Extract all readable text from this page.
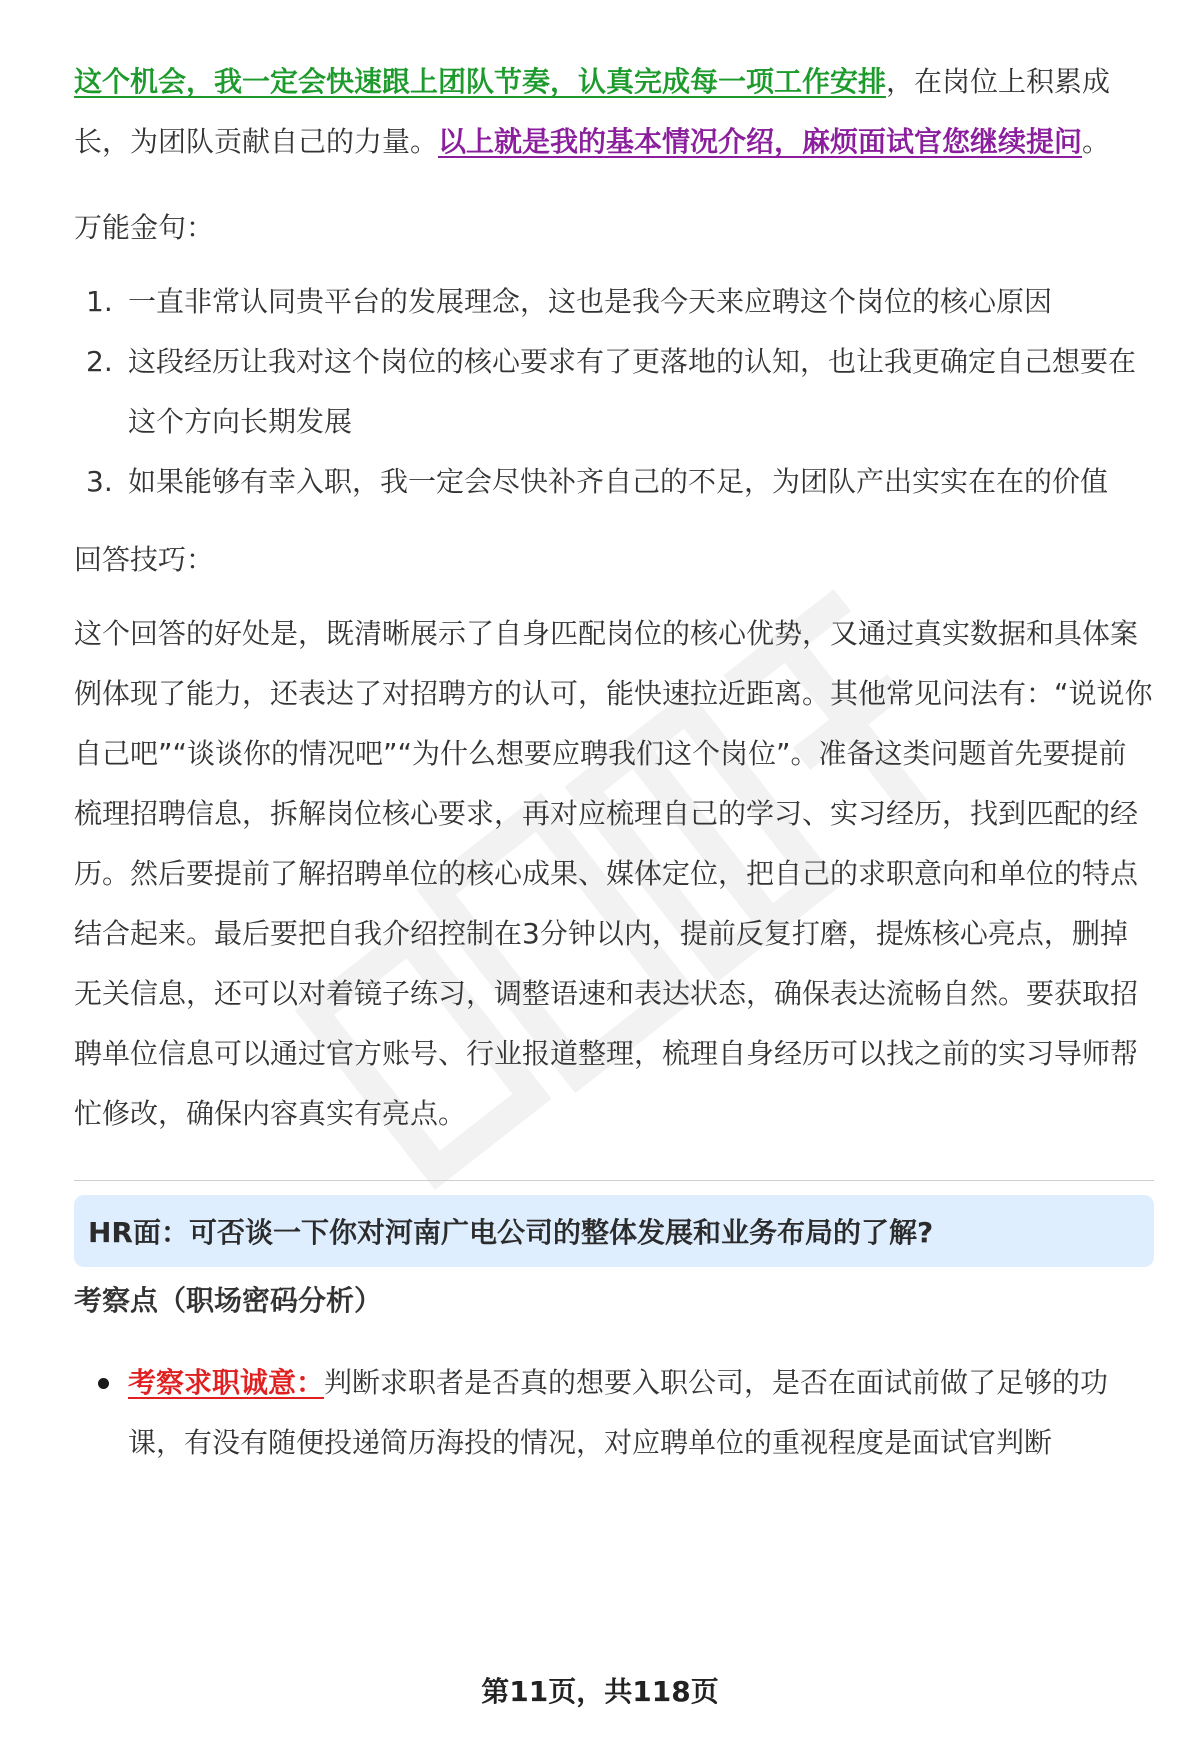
这个机会，我一定会快速跟上团队节奏，认真完成每一项工作安排，在岗位上积累成长，为团队贡献自己的力量。以上就是我的基本情况介绍，麻烦面试官您继续提问。

万能金句：

1. 一直非常认同贵平台的发展理念，这也是我今天来应聘这个岗位的核心原因
2. 这段经历让我对这个岗位的核心要求有了更落地的认知，也让我更确定自己想要在这个方向长期发展
3. 如果能够有幸入职，我一定会尽快补齐自己的不足，为团队产出实实在在的价值

回答技巧：

这个回答的好处是，既清晰展示了自身匹配岗位的核心优势，又通过真实数据和具体案例体现了能力，还表达了对招聘方的认可，能快速拉近距离。其他常见问法有：“说说你自己吧”“谈谈你的情况吧”“为什么想要应聘我们这个岗位”。准备这类问题首先要提前梳理招聘信息，拆解岗位核心要求，再对应梳理自己的学习、实习经历，找到匹配的经历。然后要提前了解招聘单位的核心成果、媒体定位，把自己的求职意向和单位的特点结合起来。最后要把自我介绍控制在3分钟以内，提前反复打磨，提炼核心亮点，删掉无关信息，还可以对着镜子练习，调整语速和表达状态，确保表达流畅自然。要获取招聘单位信息可以通过官方账号、行业报道整理，梳理自身经历可以找之前的实习导师帮忙修改，确保内容真实有亮点。

HR面：可否谈一下你对河南广电公司的整体发展和业务布局的了解?
考察点（职场密码分析）
考察求职诚意：判断求职者是否真的想要入职公司，是否在面试前做了足够的功课，有没有随便投递简历海投的情况，对应聘单位的重视程度是面试官判断
第11页，共118页
